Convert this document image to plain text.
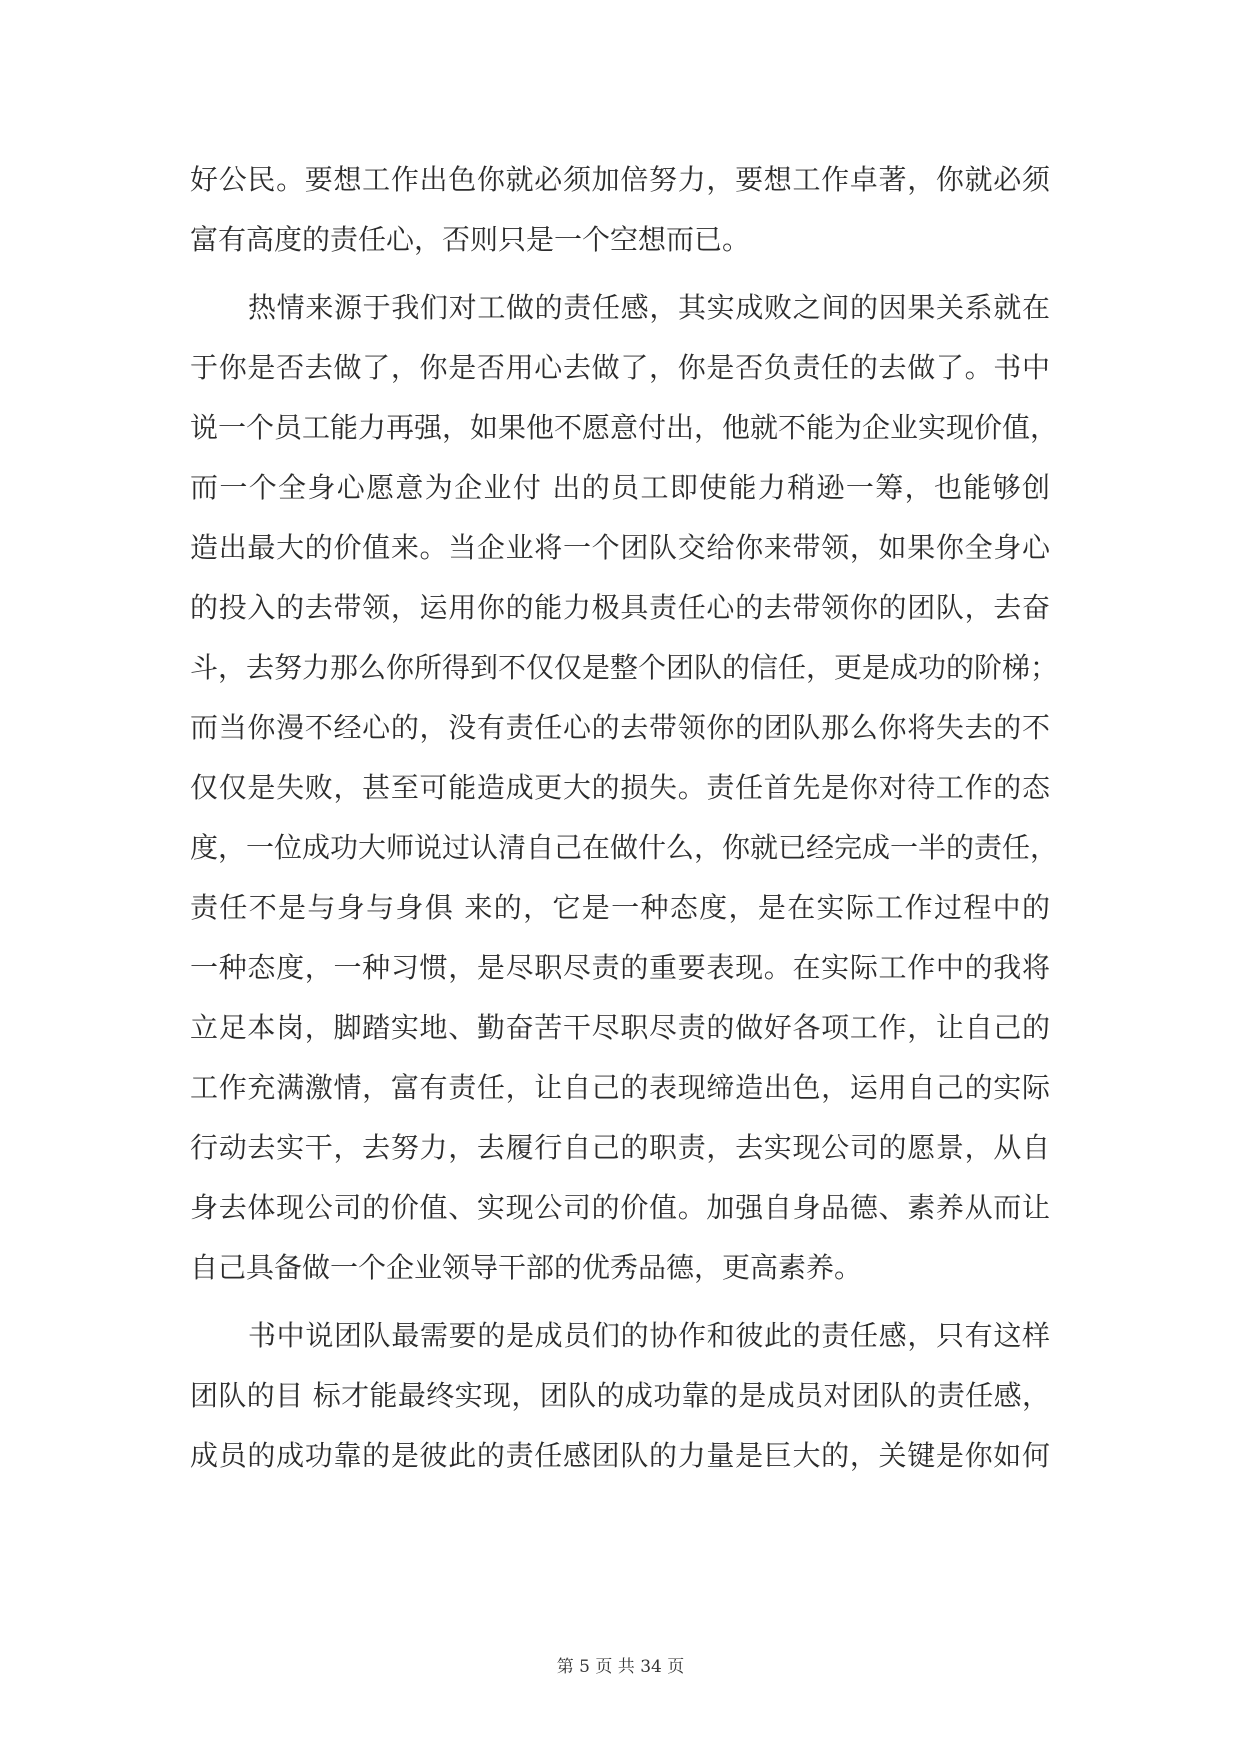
好公民。要想工作出色你就必须加倍努力，要想工作卓著，你就必须
富有高度的责任心，否则只是一个空想而已。
热情来源于我们对工做的责任感，其实成败之间的因果关系就在
于你是否去做了，你是否用心去做了，你是否负责任的去做了。书中
说一个员工能力再强，如果他不愿意付出，他就不能为企业实现价值，
而一个全身心愿意为企业付 出的员工即使能力稍逊一筹，也能够创
造出最大的价值来。当企业将一个团队交给你来带领，如果你全身心
的投入的去带领，运用你的能力极具责任心的去带领你的团队，去奋
斗，去努力那么你所得到不仅仅是整个团队的信任，更是成功的阶梯；
而当你漫不经心的，没有责任心的去带领你的团队那么你将失去的不
仅仅是失败，甚至可能造成更大的损失。责任首先是你对待工作的态
度，一位成功大师说过认清自己在做什么，你就已经完成一半的责任，
责任不是与身与身俱 来的，它是一种态度，是在实际工作过程中的
一种态度，一种习惯，是尽职尽责的重要表现。在实际工作中的我将
立足本岗，脚踏实地、勤奋苦干尽职尽责的做好各项工作，让自己的
工作充满激情，富有责任，让自己的表现缔造出色，运用自己的实际
行动去实干，去努力，去履行自己的职责，去实现公司的愿景，从自
身去体现公司的价值、实现公司的价值。加强自身品德、素养从而让
自己具备做一个企业领导干部的优秀品德，更高素养。
书中说团队最需要的是成员们的协作和彼此的责任感，只有这样
团队的目 标才能最终实现，团队的成功靠的是成员对团队的责任感，
成员的成功靠的是彼此的责任感团队的力量是巨大的，关键是你如何
第 5 页 共 34 页
